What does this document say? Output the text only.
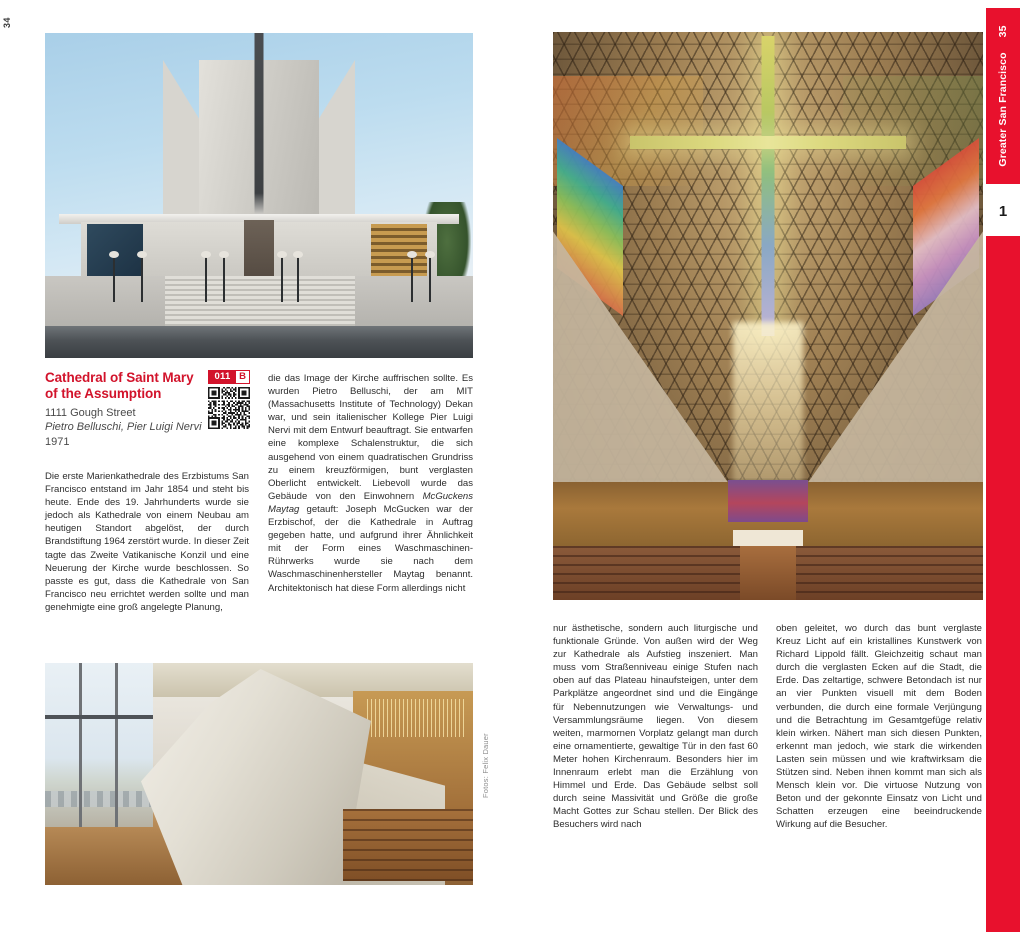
34
Greater San Francisco     35
1
Fotos: Felix Dauer
Cathedral of Saint Mary
of the Assumption
1111 Gough Street
Pietro Belluschi, Pier Luigi Nervi
1971
011 B
Die erste Marienkathedrale des Erzbistums San Francisco entstand im Jahr 1854 und steht bis heute. Ende des 19. Jahrhunderts wurde sie jedoch als Kathedrale von einem Neubau am heutigen Standort abgelöst, der durch Brandstiftung 1964 zerstört wurde. In dieser Zeit tagte das Zweite Vatikanische Konzil und eine Neuerung der Kirche wurde beschlossen. So passte es gut, dass die Kathedrale von San Francisco neu errichtet werden sollte und man genehmigte eine groß angelegte Planung,
die das Image der Kirche auffrischen sollte. Es wurden Pietro Belluschi, der am MIT (Massachusetts Institute of Technology) Dekan war, und sein italienischer Kollege Pier Luigi Nervi mit dem Entwurf beauftragt. Sie entwarfen eine komplexe Schalenstruktur, die sich ausgehend von einem quadratischen Grundriss zu einem kreuzförmigen, bunt verglasten Oberlicht entwickelt. Liebevoll wurde das Gebäude von den Einwohnern McGuckens Maytag getauft: Joseph McGucken war der Erzbischof, der die Kathedrale in Auftrag gegeben hatte, und aufgrund ihrer Ähnlichkeit mit der Form eines Waschmaschinen-Rührwerks wurde sie nach dem Waschmaschinenhersteller Maytag benannt. Architektonisch hat diese Form allerdings nicht
nur ästhetische, sondern auch liturgische und funktionale Gründe. Von außen wird der Weg zur Kathedrale als Aufstieg inszeniert. Man muss vom Straßenniveau einige Stufen nach oben auf das Plateau hinaufsteigen, unter dem Parkplätze angeordnet sind und die Eingänge für Nebennutzungen wie Verwaltungs- und Versammlungsräume liegen. Von diesem weiten, marmornen Vorplatz gelangt man durch eine ornamentierte, gewaltige Tür in den fast 60 Meter hohen Kirchenraum. Besonders hier im Innenraum erlebt man die Erzählung von Himmel und Erde. Das Gebäude selbst soll durch seine Massivität und Größe die große Macht Gottes zur Schau stellen. Der Blick des Besuchers wird nach
oben geleitet, wo durch das bunt verglaste Kreuz Licht auf ein kristallines Kunstwerk von Richard Lippold fällt. Gleichzeitig schaut man durch die verglasten Ecken auf die Stadt, die Erde. Das zeltartige, schwere Betondach ist nur an vier Punkten visuell mit dem Boden verbunden, die durch eine formale Verjüngung und die Betrachtung im Gesamtgefüge relativ klein wirken. Nähert man sich diesen Punkten, erkennt man jedoch, wie stark die wirkenden Lasten sein müssen und wie kraftwirksam die Stützen sind. Neben ihnen kommt man sich als Mensch klein vor. Die virtuose Nutzung von Beton und der gekonnte Einsatz von Licht und Schatten erzeugen eine beeindruckende Wirkung auf die Besucher.
